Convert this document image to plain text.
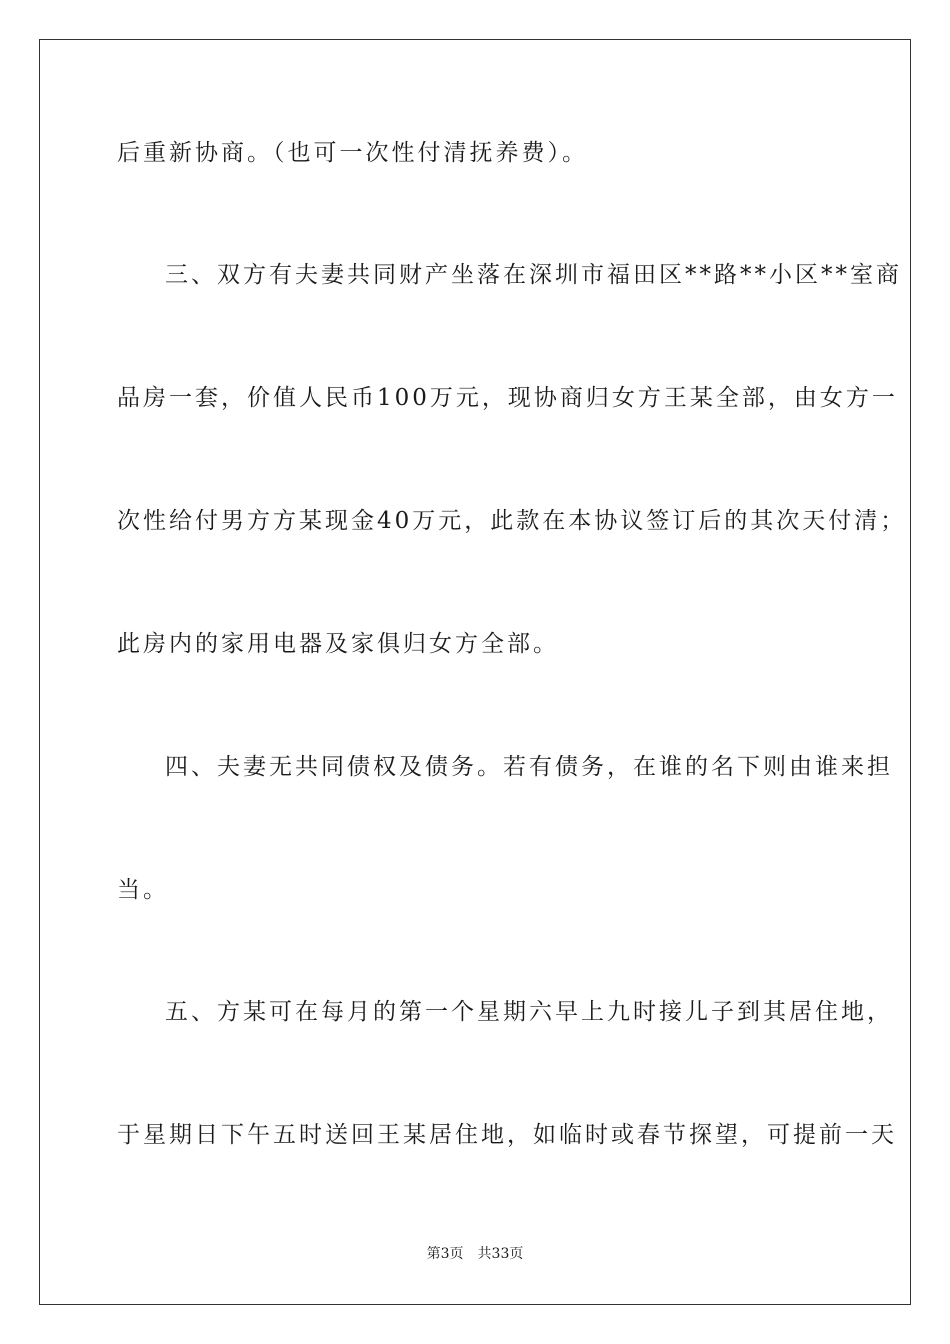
后重新协商。（也可一次性付清抚养费）。
三、双方有夫妻共同财产坐落在深圳市福田区**路**小区**室商
品房一套，价值人民币100万元，现协商归女方王某全部，由女方一
次性给付男方方某现金40万元，此款在本协议签订后的其次天付清；
此房内的家用电器及家俱归女方全部。
四、夫妻无共同债权及债务。若有债务，在谁的名下则由谁来担
当。
五、方某可在每月的第一个星期六早上九时接儿子到其居住地，
于星期日下午五时送回王某居住地，如临时或春节探望，可提前一天
第3页 共33页
